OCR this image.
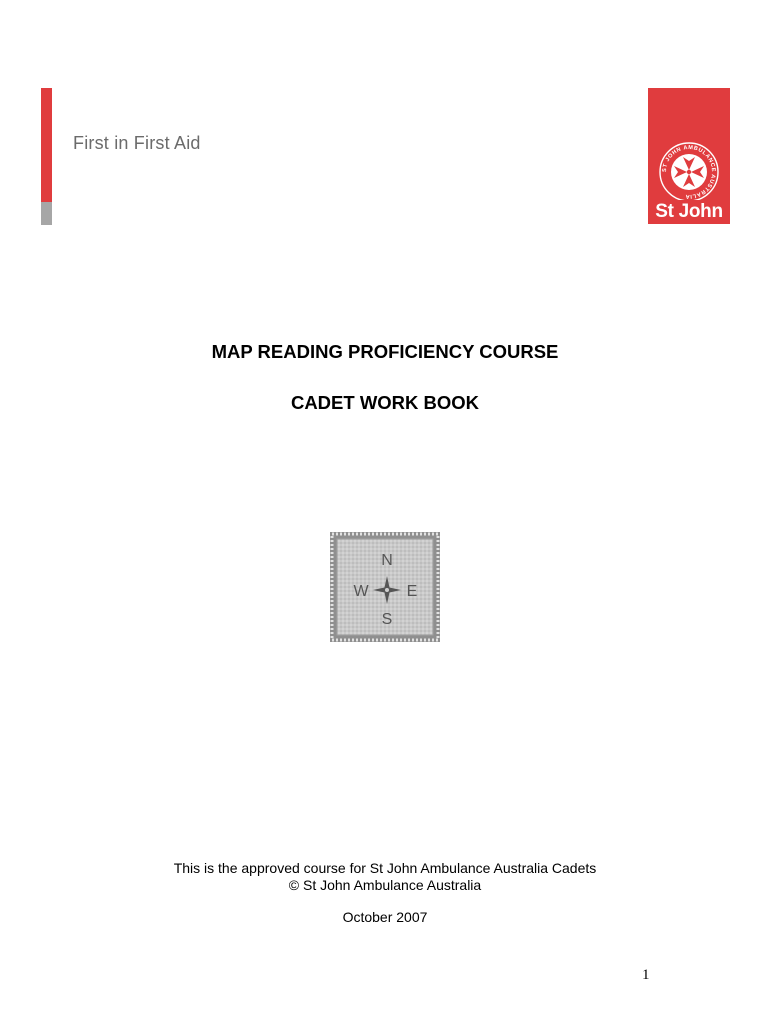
First in First Aid
ST JOHN AMBULANCE AUSTRALIA
St John
MAP READING PROFICIENCY COURSE
CADET WORK BOOK
N
S
W E
This is the approved course for St John Ambulance Australia Cadets
© St John Ambulance Australia
October 2007
1
